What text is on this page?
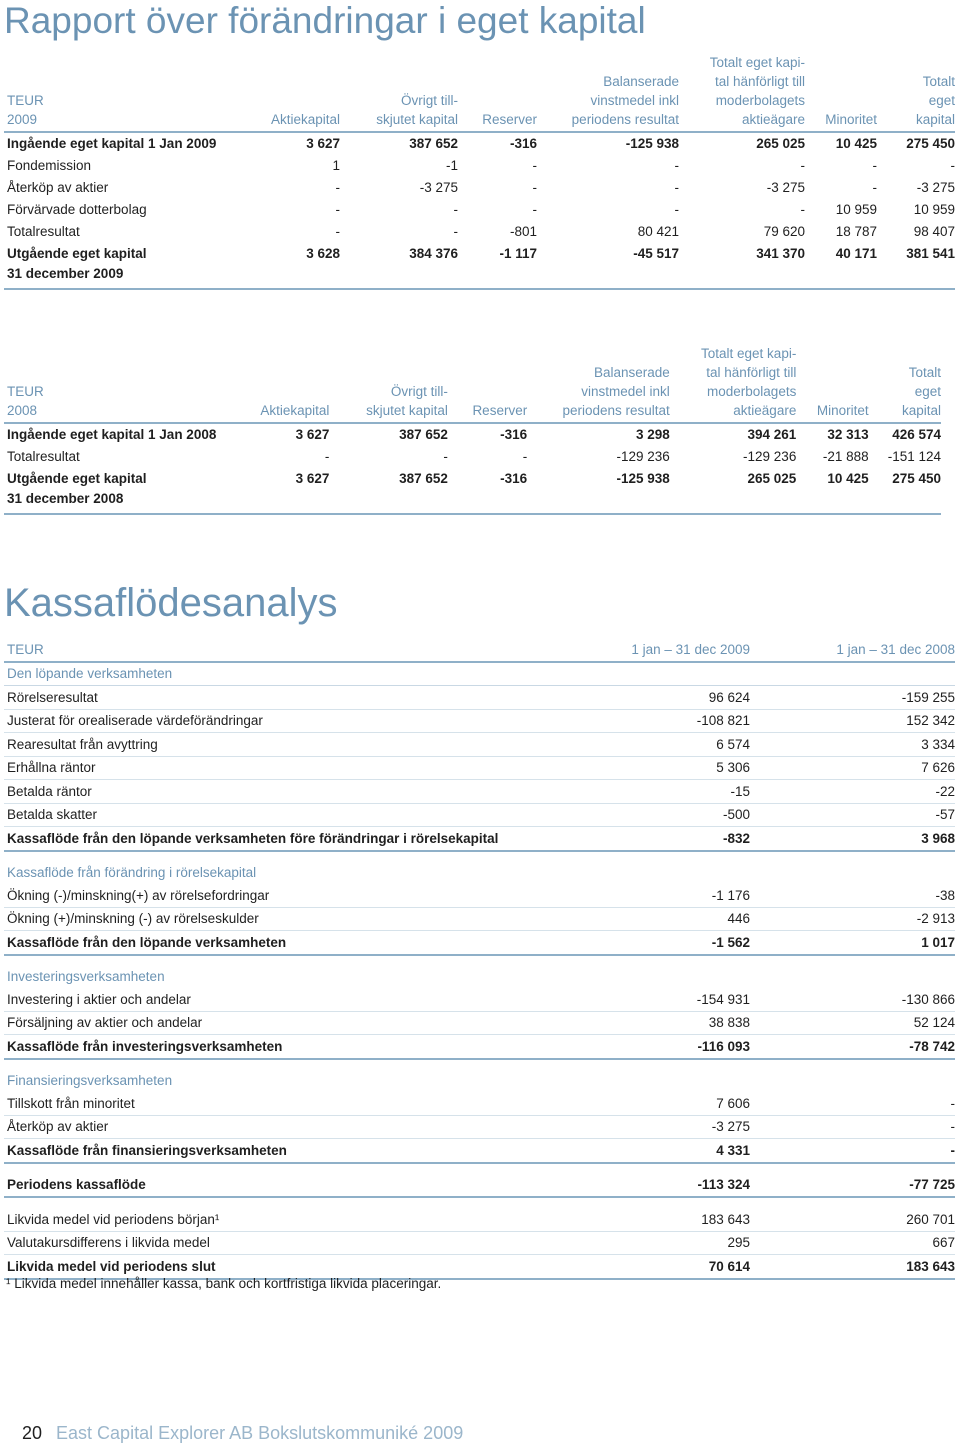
Rapport över förändringar i eget kapital
TEUR
2009	Aktiekapital	Övrigt till-
skjutet kapital	Reserver	Balanserade
vinstmedel inkl
periodens resultat	Totalt eget kapi-
tal hänförligt till
moderbolagets
aktieägare	Minoritet	Totalt
eget
kapital
Ingående eget kapital 1 Jan 2009	3 627	387 652	-316	-125 938	265 025	10 425	275 450
Fondemission	1	-1	-	-	-	-	-
Återköp av aktier	-	-3 275	-	-	-3 275	-	-3 275
Förvärvade dotterbolag	-	-	-	-	-	10 959	10 959
Totalresultat	-	-	-801	80 421	79 620	18 787	98 407
Utgående eget kapital
31 december 2009	3 628	384 376	-1 117	-45 517	341 370	40 171	381 541
TEUR
2008	Aktiekapital	Övrigt till-
skjutet kapital	Reserver	Balanserade
vinstmedel inkl
periodens resultat	Totalt eget kapi-
tal hänförligt till
moderbolagets
aktieägare	Minoritet	Totalt
eget
kapital
Ingående eget kapital 1 Jan 2008	3 627	387 652	-316	3 298	394 261	32 313	426 574
Totalresultat	-	-	-	-129 236	-129 236	-21 888	-151 124
Utgående eget kapital
31 december 2008	3 627	387 652	-316	-125 938	265 025	10 425	275 450
Kassaflödesanalys
TEUR	1 jan – 31 dec 2009	1 jan – 31 dec 2008
Den löpande verksamheten		
Rörelseresultat	96 624	-159 255
Justerat för orealiserade värdeförändringar	-108 821	152 342
Rearesultat från avyttring	6 574	3 334
Erhållna räntor	5 306	7 626
Betalda räntor	-15	-22
Betalda skatter	-500	-57
Kassaflöde från den löpande verksamheten före förändringar i rörelsekapital	-832	3 968
Kassaflöde från förändring i rörelsekapital		
Ökning (-)/minskning(+) av rörelsefordringar	-1 176	-38
Ökning (+)/minskning (-) av rörelseskulder	446	-2 913
Kassaflöde från den löpande verksamheten	-1 562	1 017
Investeringsverksamheten		
Investering i aktier och andelar	-154 931	-130 866
Försäljning av aktier och andelar	38 838	52 124
Kassaflöde från investeringsverksamheten	-116 093	-78 742
Finansieringsverksamheten		
Tillskott från minoritet	7 606	-
Återköp av aktier	-3 275	-
Kassaflöde från finansieringsverksamheten	4 331	-
Periodens kassaflöde	-113 324	-77 725
Likvida medel vid periodens början¹	183 643	260 701
Valutakursdifferens i likvida medel	295	667
Likvida medel vid periodens slut	70 614	183 643
¹ Likvida medel innehåller kassa, bank och kortfristiga likvida placeringar.
20 East Capital Explorer AB Bokslutskommuniké 2009
